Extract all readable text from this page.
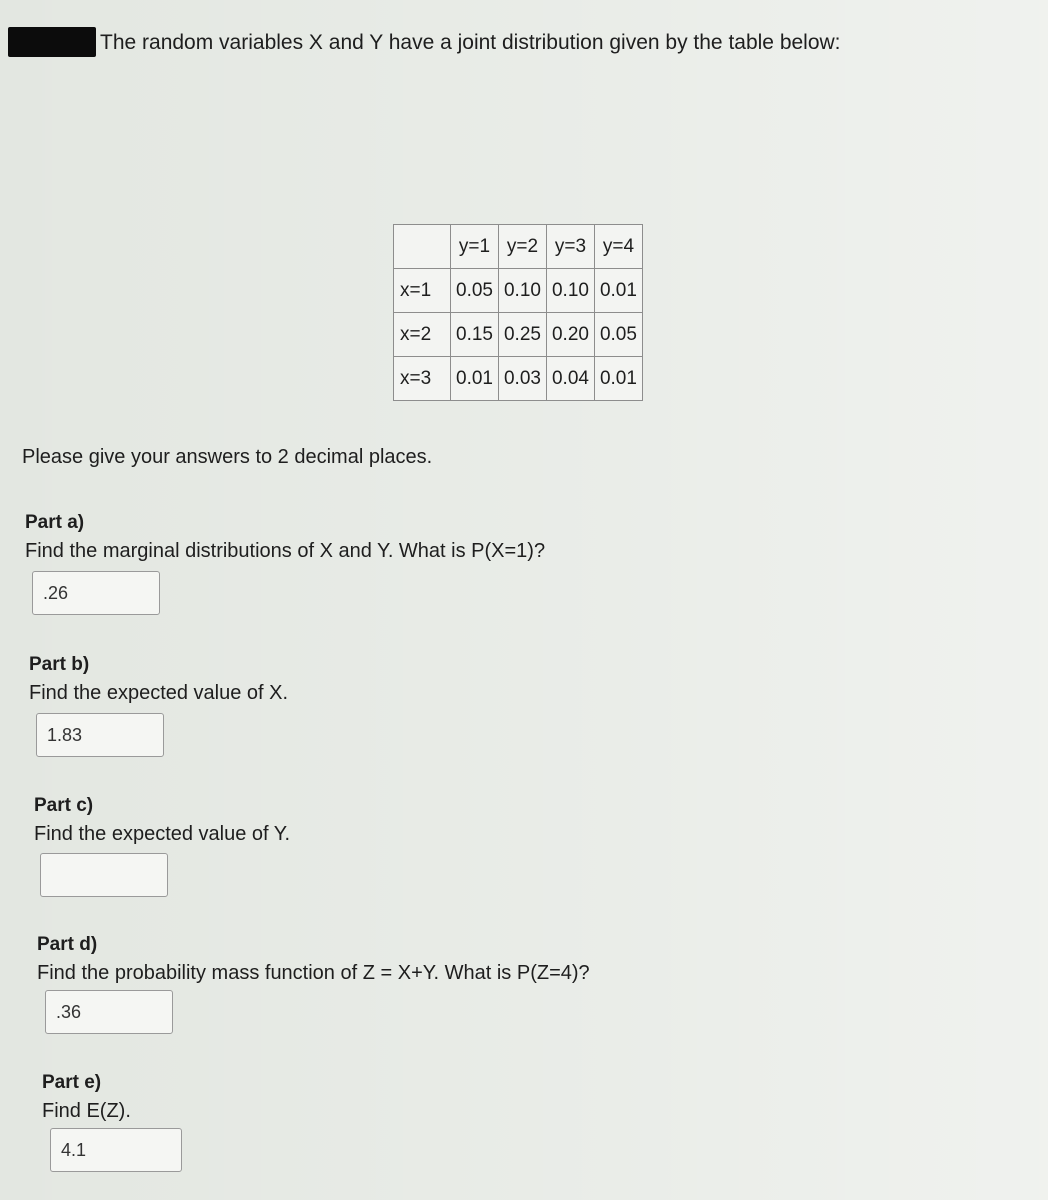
The random variables X and Y have a joint distribution given by the table below:
	y=1	y=2	y=3	y=4
x=1	0.05	0.10	0.10	0.01
x=2	0.15	0.25	0.20	0.05
x=3	0.01	0.03	0.04	0.01
Please give your answers to 2 decimal places.
Part a)
Find the marginal distributions of X and Y. What is P(X=1)?
.26
Part b)
Find the expected value of X.
1.83
Part c)
Find the expected value of Y.
Part d)
Find the probability mass function of Z = X+Y. What is P(Z=4)?
.36
Part e)
Find E(Z).
4.1
